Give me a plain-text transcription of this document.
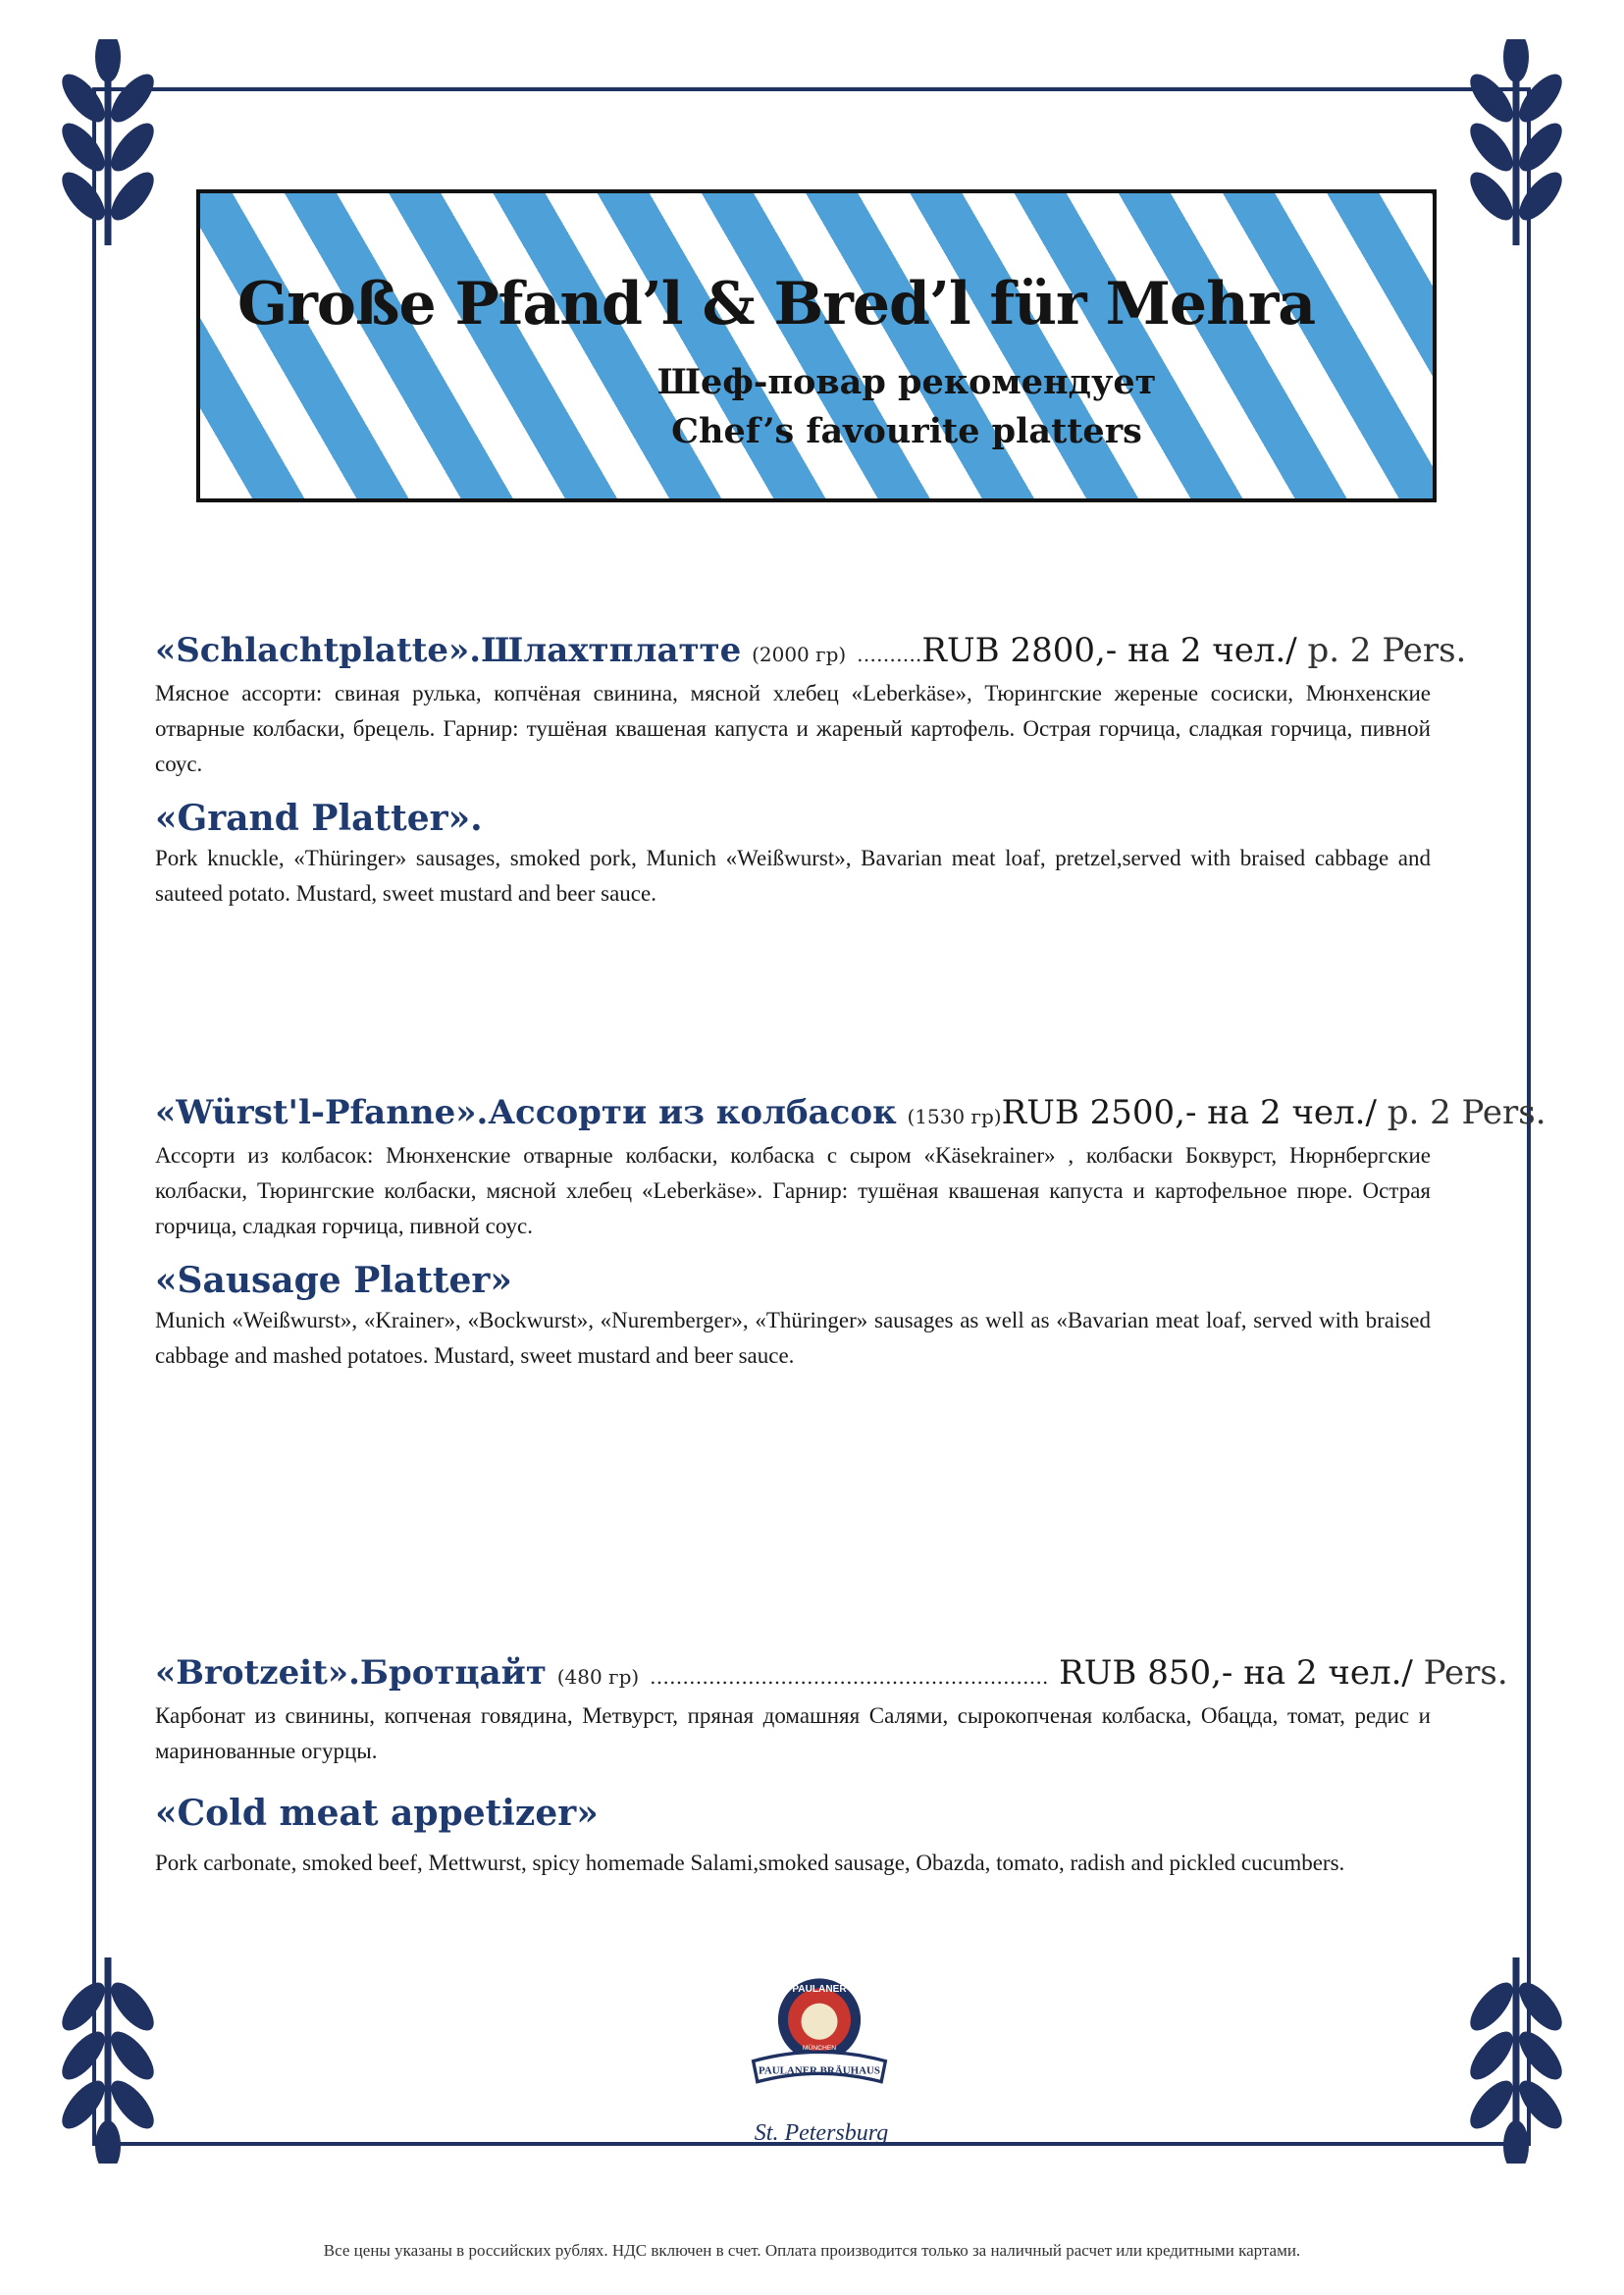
Große Pfand’l & Bred’l für Mehra
Шеф-повар рекомендует
Chef’s favourite platters
«Schlachtplatte».Шлахтплатте (2000 гр) ……….RUB 2800,- на 2 чел./ p. 2 Pers.
Мясное ассорти: свиная рулька, копчёная свинина, мясной хлебец «Leberkäse», Тюрингские жереные сосиски, Мюнхенские отварные колбаски, брецель. Гарнир: тушёная квашеная капуста и жареный картофель. Острая горчица, сладкая горчица, пивной соус.
«Grand Platter».
Pork knuckle, «Thüringer» sausages, smoked pork, Munich «Weißwurst», Bavarian meat loaf, pretzel,served with braised cabbage and sauteed potato. Mustard, sweet mustard and beer sauce.
«Würst'l-Pfanne».Ассорти из колбасок (1530 гр)RUB 2500,- на 2 чел./ p. 2 Pers.
Ассорти из колбасок: Мюнхенские отварные колбаски, колбаска с сыром «Käsekrainer» , колбаски Боквурст, Нюрнбергские колбаски, Тюрингские колбаски, мясной хлебец «Leberkäse». Гарнир: тушёная квашеная капуста и картофельное пюре. Острая горчица, сладкая горчица, пивной соус.
«Sausage Platter»
Munich «Weißwurst», «Krainer», «Bockwurst», «Nuremberger», «Thüringer» sausages as well as «Bavarian meat loaf, served with braised cabbage and mashed potatoes. Mustard, sweet mustard and beer sauce.
«Brotzeit».Бротцайт (480 гр) ……………………………………………………. RUB 850,- на 2 чел./ Pers.
Карбонат из свинины, копченая говядина, Метвурст, пряная домашняя Салями, сырокопченая колбаска, Обацда, томат, редис и маринованные огурцы.
«Cold meat appetizer»
Pork carbonate, smoked beef, Mettwurst, spicy homemade Salami,smoked sausage, Obazda, tomato, radish and pickled cucumbers.
PAULANER
MÜNCHEN
PAULANER BRÄUHAUS
St. Petersburg
Все цены указаны в российских рублях. НДС включен в счет. Оплата производится только за наличный расчет или кредитными картами.
